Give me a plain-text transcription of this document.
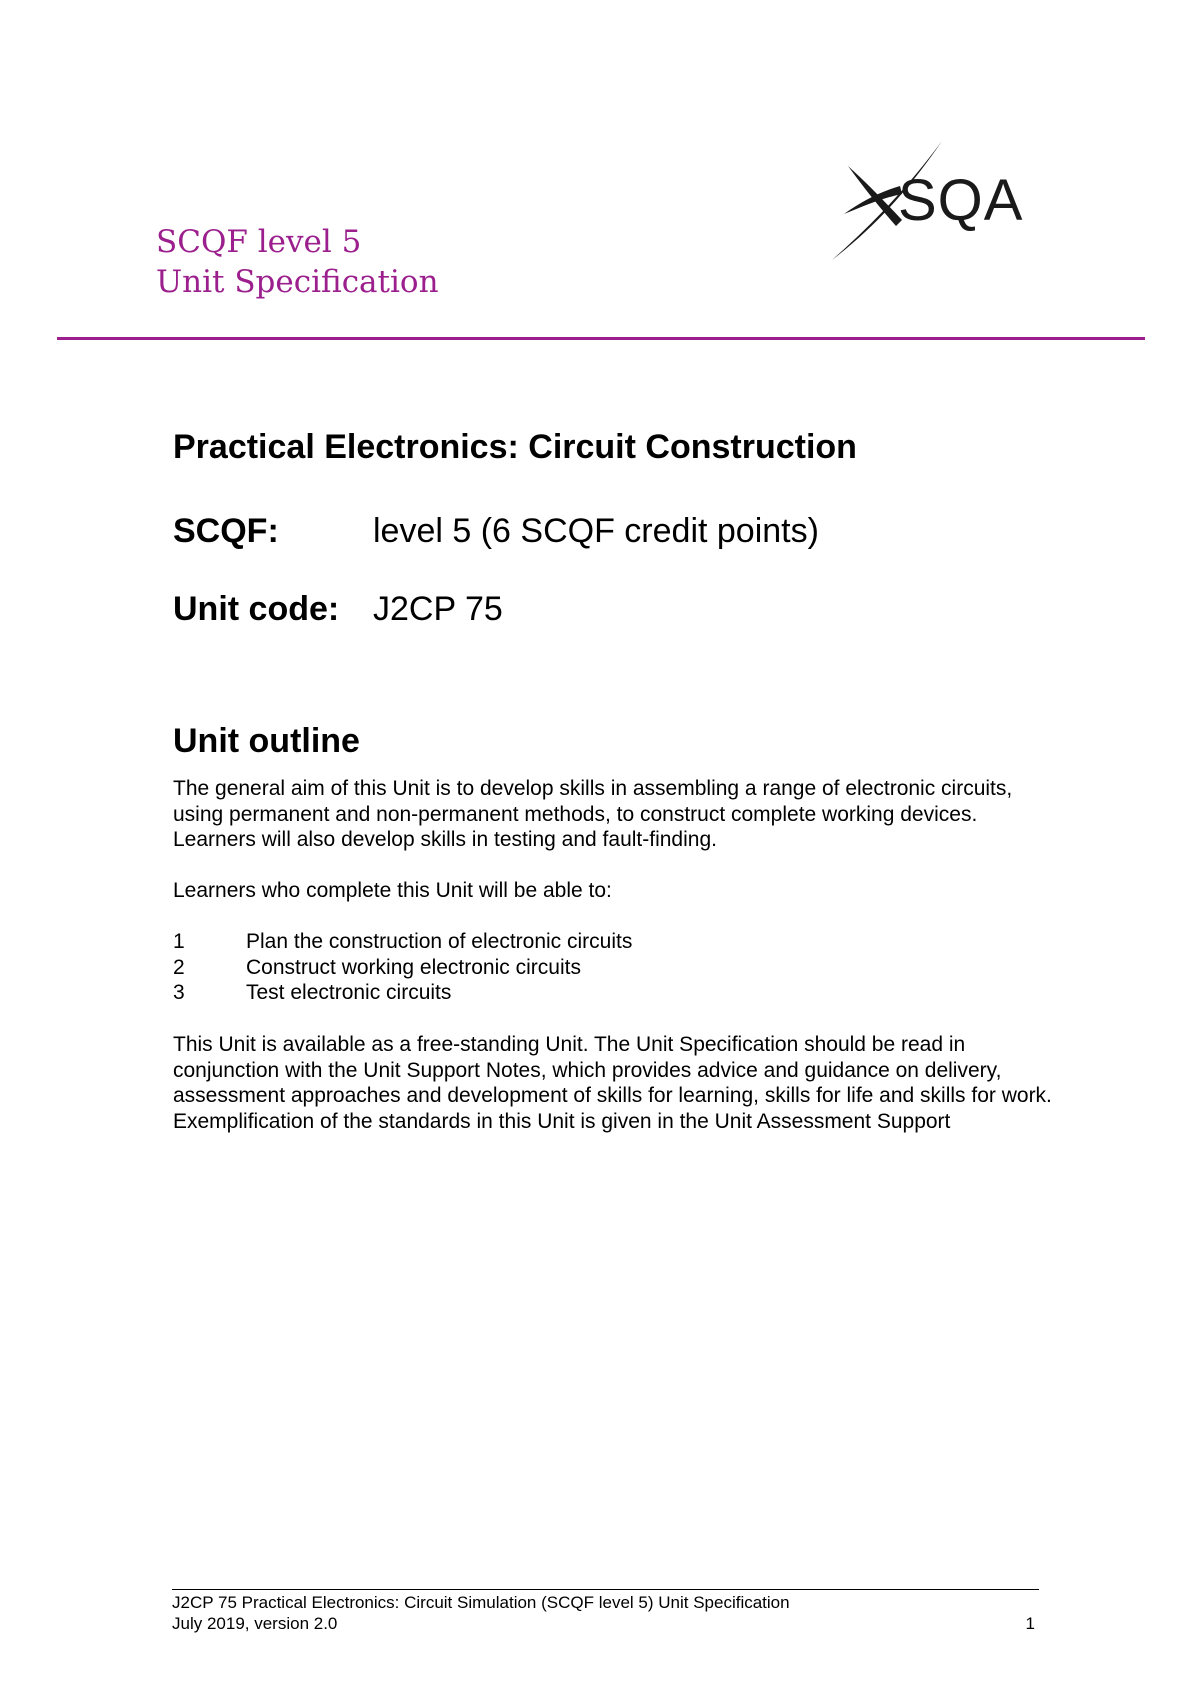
SCQF level 5
Unit Specification
SQA
Practical Electronics: Circuit Construction
SCQF:	level 5 (6 SCQF credit points)
Unit code: J2CP 75
Unit outline
The general aim of this Unit is to develop skills in assembling a range of electronic circuits, using permanent and non-permanent methods, to construct complete working devices. Learners will also develop skills in testing and fault-finding.
Learners who complete this Unit will be able to:
1	Plan the construction of electronic circuits
2	Construct working electronic circuits
3	Test electronic circuits
This Unit is available as a free-standing Unit. The Unit Specification should be read in conjunction with the Unit Support Notes, which provides advice and guidance on delivery, assessment approaches and development of skills for learning, skills for life and skills for work. Exemplification of the standards in this Unit is given in the Unit Assessment Support
J2CP 75 Practical Electronics: Circuit Simulation (SCQF level 5) Unit Specification
July 2019, version 2.0	1
